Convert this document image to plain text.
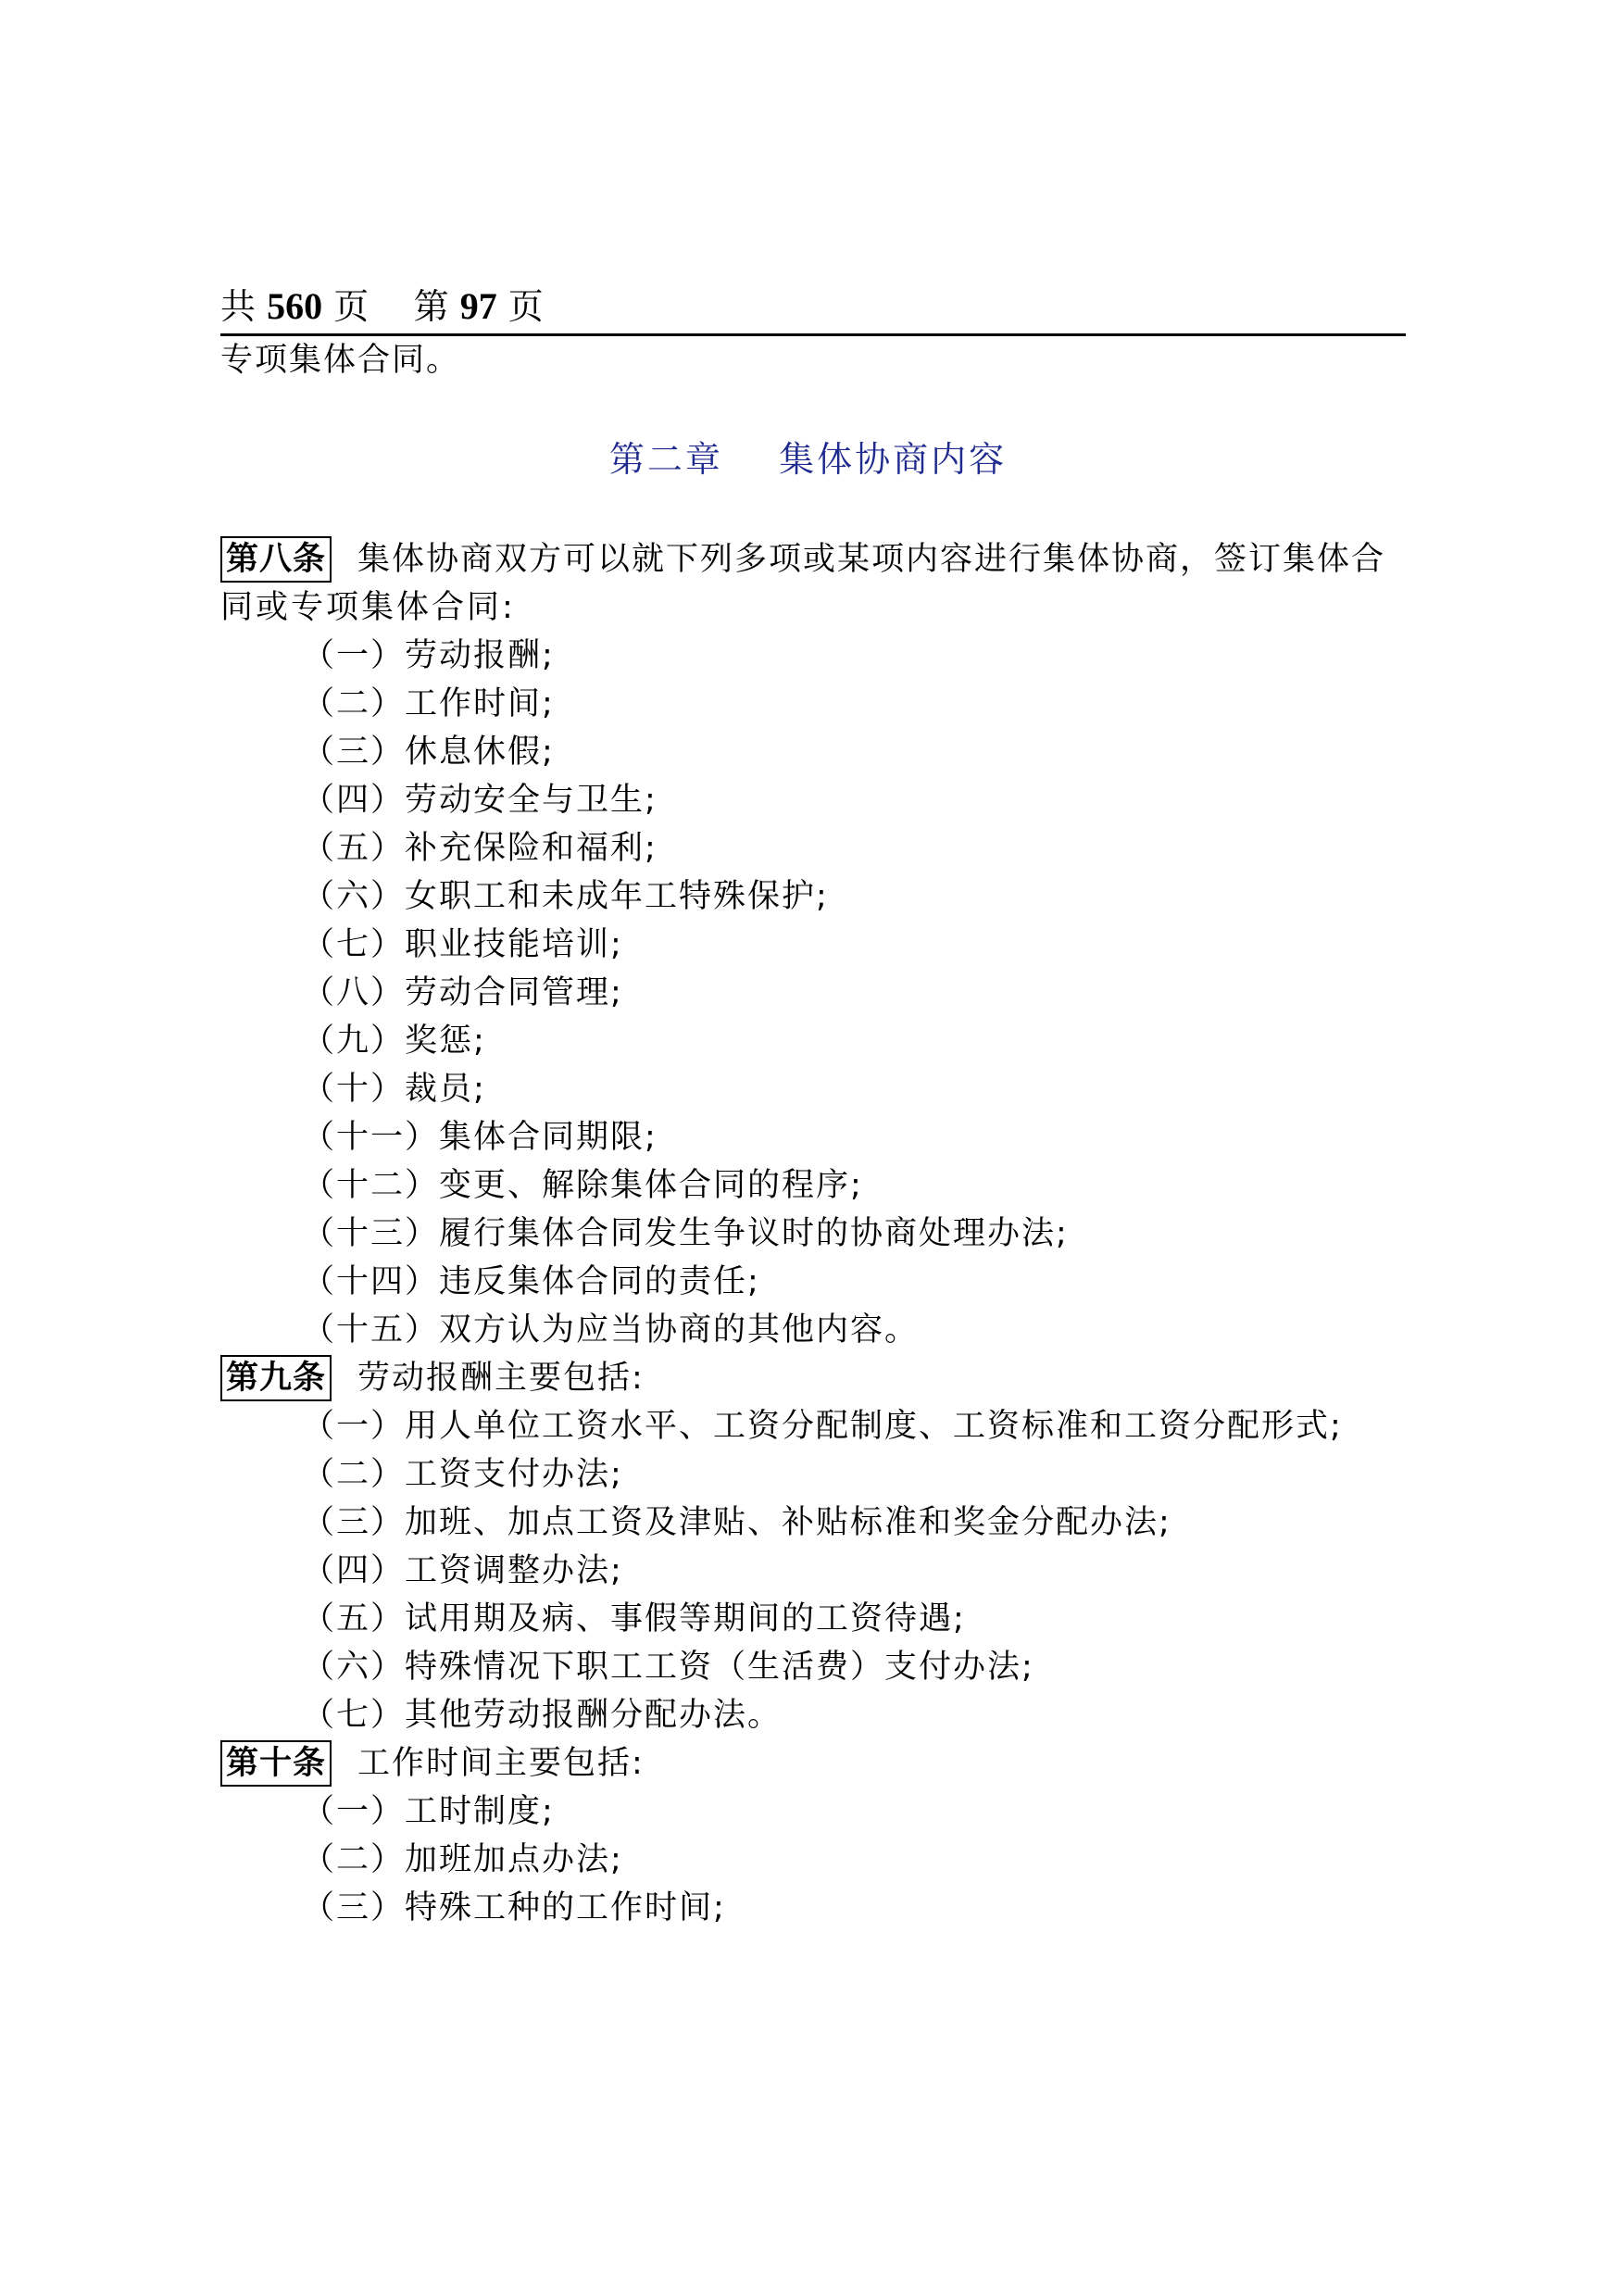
共 560 页 第 97 页
专项集体合同。
第二章    集体协商内容
第八条 集体协商双方可以就下列多项或某项内容进行集体协商，签订集体合
同或专项集体合同:
（一）劳动报酬;
（二）工作时间;
（三）休息休假;
（四）劳动安全与卫生;
（五）补充保险和福利;
（六）女职工和未成年工特殊保护;
（七）职业技能培训;
（八）劳动合同管理;
（九）奖惩;
（十）裁员;
（十一）集体合同期限;
（十二）变更、解除集体合同的程序;
（十三）履行集体合同发生争议时的协商处理办法;
（十四）违反集体合同的责任;
（十五）双方认为应当协商的其他内容。
第九条 劳动报酬主要包括:
（一）用人单位工资水平、工资分配制度、工资标准和工资分配形式;
（二）工资支付办法;
（三）加班、加点工资及津贴、补贴标准和奖金分配办法;
（四）工资调整办法;
（五）试用期及病、事假等期间的工资待遇;
（六）特殊情况下职工工资（生活费）支付办法;
（七）其他劳动报酬分配办法。
第十条 工作时间主要包括:
（一）工时制度;
（二）加班加点办法;
（三）特殊工种的工作时间;
